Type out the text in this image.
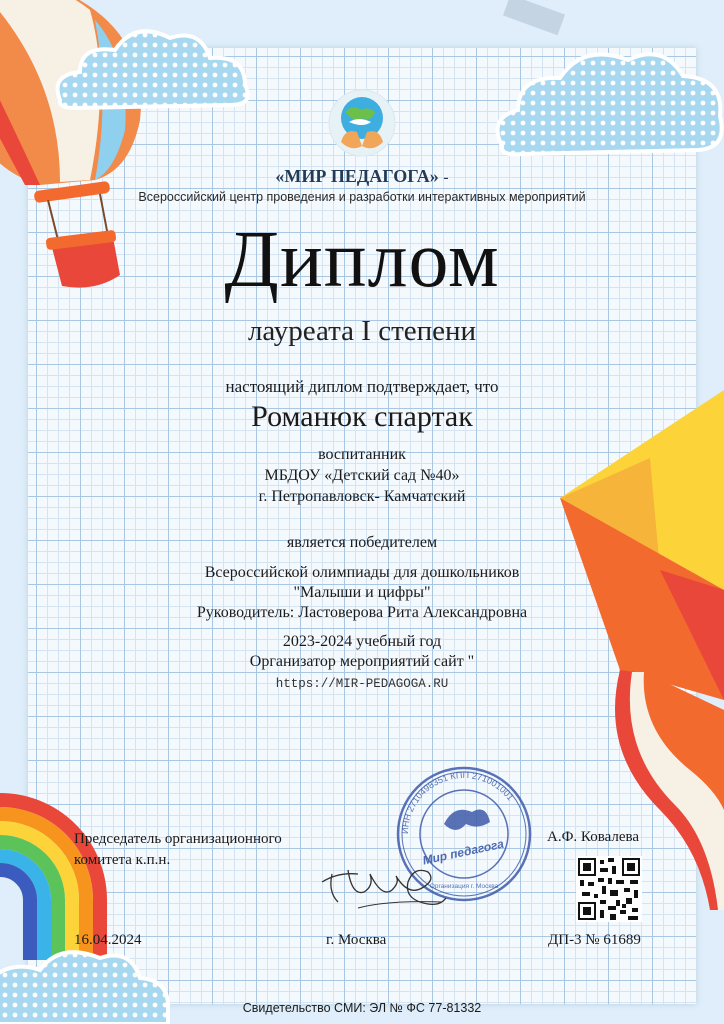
«МИР ПЕДАГОГА» -
Всероссийский центр проведения и разработки интерактивных мероприятий
Диплом
лауреата I степени
настоящий диплом подтверждает, что
Романюк спартак
воспитанник
МБДОУ «Детский сад №40»
г. Петропавловск- Камчатский
является победителем
Всероссийской олимпиады для дошкольников
"Малыши и цифры"
Руководитель: Ластоверова Рита Александровна
2023-2024 учебный год
Организатор мероприятий сайт "
https://MIR-PEDAGOGA.RU
ИНН 2710498351 КПП 271001001
Мир педагога
Организация г. Москва
Председатель организационного
комитета к.п.н.
А.Ф. Ковалева
16.04.2024	г. Москва	ДП-3 № 61689
Свидетельство СМИ: ЭЛ № ФС 77-81332
